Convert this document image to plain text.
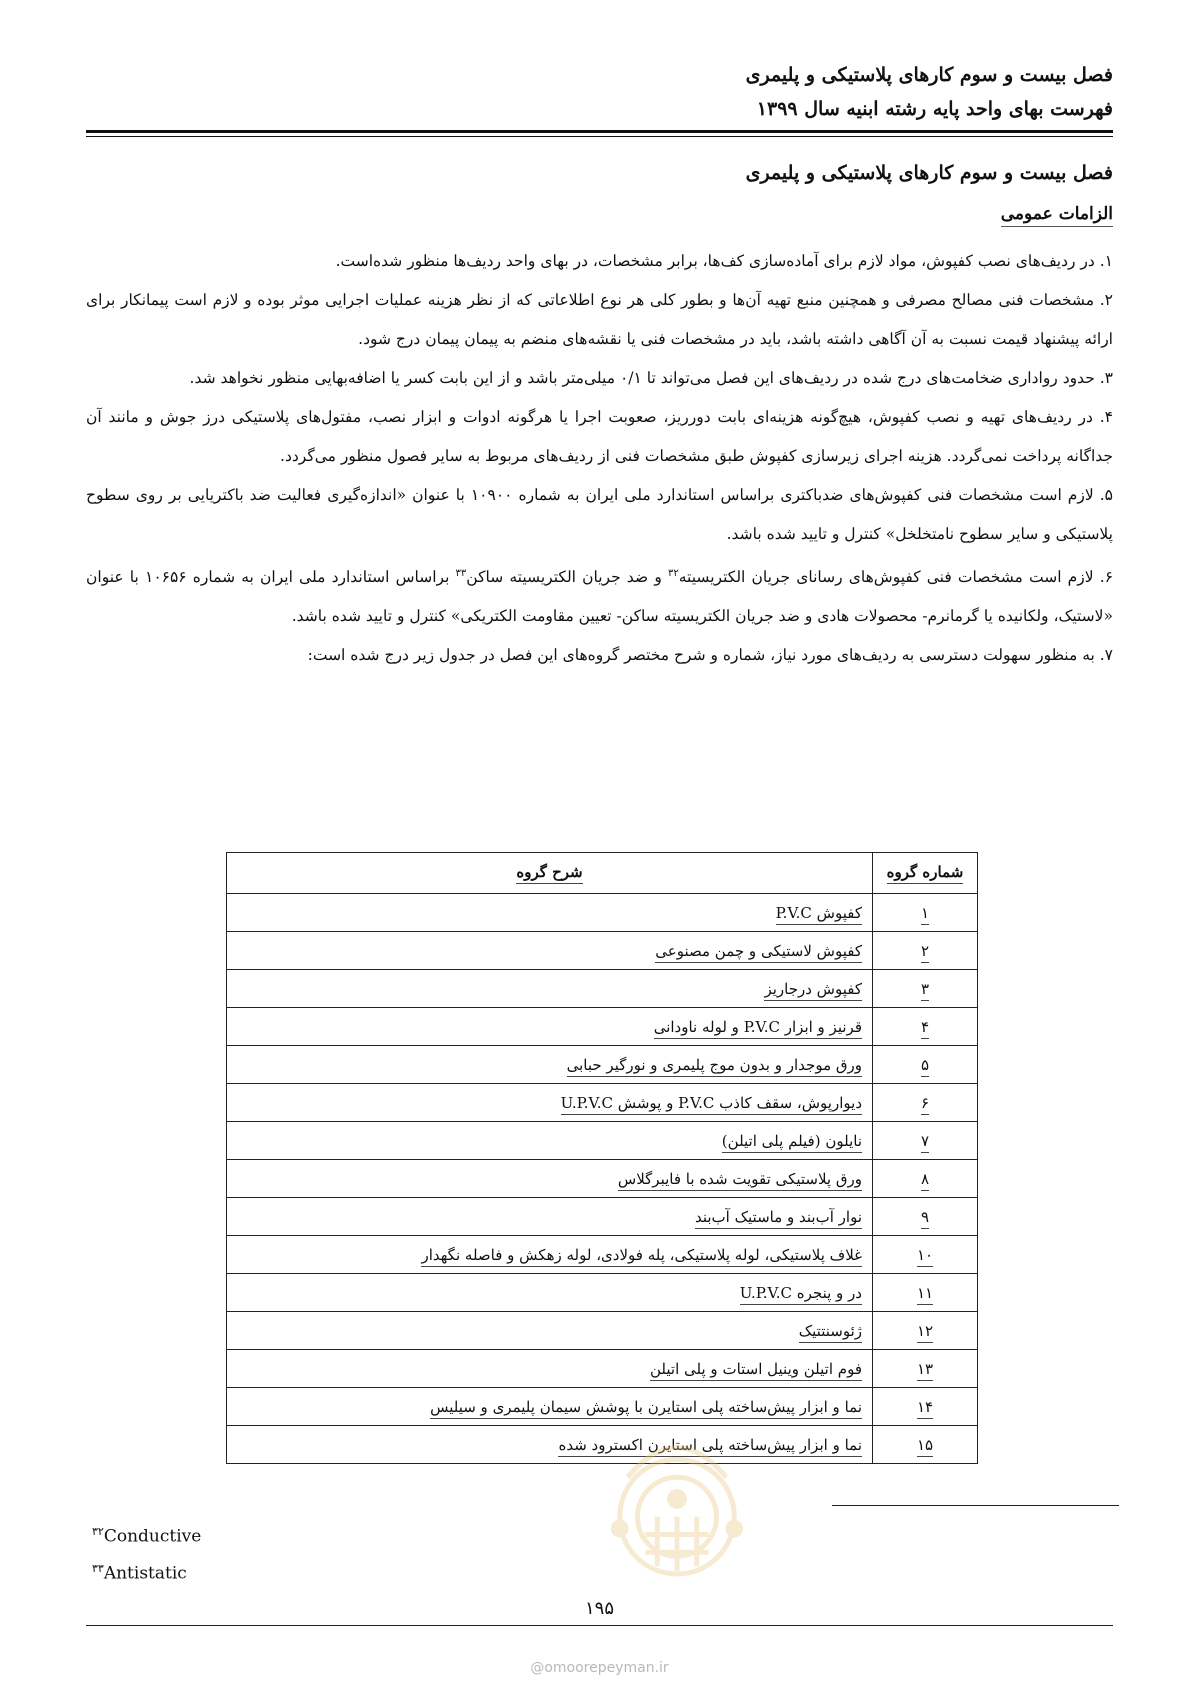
فصل بیست و سوم کارهای پلاستیکی و پلیمری
فهرست بهای واحد پایه رشته ابنیه سال ۱۳۹۹
فصل بیست و سوم کارهای پلاستیکی و پلیمری
الزامات عمومی
۱. در ردیف‌های نصب کفپوش، مواد لازم برای آماده‌سازی کف‌ها، برابر مشخصات، در بهای واحد ردیف‌ها منظور شده‌است.
۲. مشخصات فنی مصالح مصرفی و همچنین منبع تهیه آن‌ها و بطور کلی هر نوع اطلاعاتی که از نظر هزینه عملیات اجرایی موثر بوده و لازم است پیمانکار برای ارائه پیشنهاد قیمت نسبت به آن آگاهی داشته باشد، باید در مشخصات فنی یا نقشه‌های منضم به پیمان پیمان درج شود.
۳. حدود رواداری ضخامت‌های درج شده در ردیف‌های این فصل می‌تواند تا ۰/۱ میلی‌متر باشد و از این بابت کسر یا اضافه‌بهایی منظور نخواهد شد.
۴. در ردیف‌های تهیه و نصب کفپوش، هیچ‌گونه هزینه‌ای بابت دورریز، صعوبت اجرا یا هرگونه ادوات و ابزار نصب، مفتول‌های پلاستیکی درز جوش و مانند آن جداگانه پرداخت نمی‌گردد. هزینه اجرای زیرسازی کفپوش طبق مشخصات فنی از ردیف‌های مربوط به سایر فصول منظور می‌گردد.
۵. لازم است مشخصات فنی کفپوش‌های ضدباکتری براساس استاندارد ملی ایران به شماره ۱۰۹۰۰ با عنوان «اندازه‌گیری فعالیت ضد باکتریایی بر روی سطوح پلاستیکی و سایر سطوح نامتخلخل» کنترل و تایید شده باشد.
۶. لازم است مشخصات فنی کفپوش‌های رسانای جریان الکتریسیته$^{۳۲}$ و ضد جریان الکتریسیته ساکن$^{۳۳}$ براساس استاندارد ملی ایران به شماره ۱۰۶۵۶ با عنوان «لاستیک، ولکانیده یا گرمانرم- محصولات هادی و ضد جریان الکتریسیته ساکن- تعیین مقاومت الکتریکی» کنترل و تایید شده باشد.
۷. به منظور سهولت دسترسی به ردیف‌های مورد نیاز، شماره و شرح مختصر گروه‌های این فصل در جدول زیر درج شده است:
شماره گروه	شرح گروه
۱	کفپوش P.V.C
۲	کفپوش لاستیکی و چمن مصنوعی
۳	کفپوش درجاریز
۴	قرنیز و ابزار P.V.C و لوله ناودانی
۵	ورق موجدار و بدون موج پلیمری و نورگیر حبابی
۶	دیوارپوش، سقف کاذب P.V.C و پوشش U.P.V.C
۷	نایلون (فیلم پلی اتیلن)
۸	ورق پلاستیکی تقویت شده با فایبرگلاس
۹	نوار آب‌بند و ماستیک آب‌بند
۱۰	غلاف پلاستیکی، لوله پلاستیکی، پله فولادی، لوله زهکش و فاصله نگهدار
۱۱	در و پنجره U.P.V.C
۱۲	ژئوسنتتیک
۱۳	فوم اتیلن وینیل استات و پلی اتیلن
۱۴	نما و ابزار پیش‌ساخته پلی استایرن با پوشش سیمان پلیمری و سیلیس
۱۵	نما و ابزار پیش‌ساخته پلی استایرن اکسترود شده
$^{۳۲}$Conductive
$^{۳۳}$Antistatic
۱۹۵
@omoorepeyman.ir
